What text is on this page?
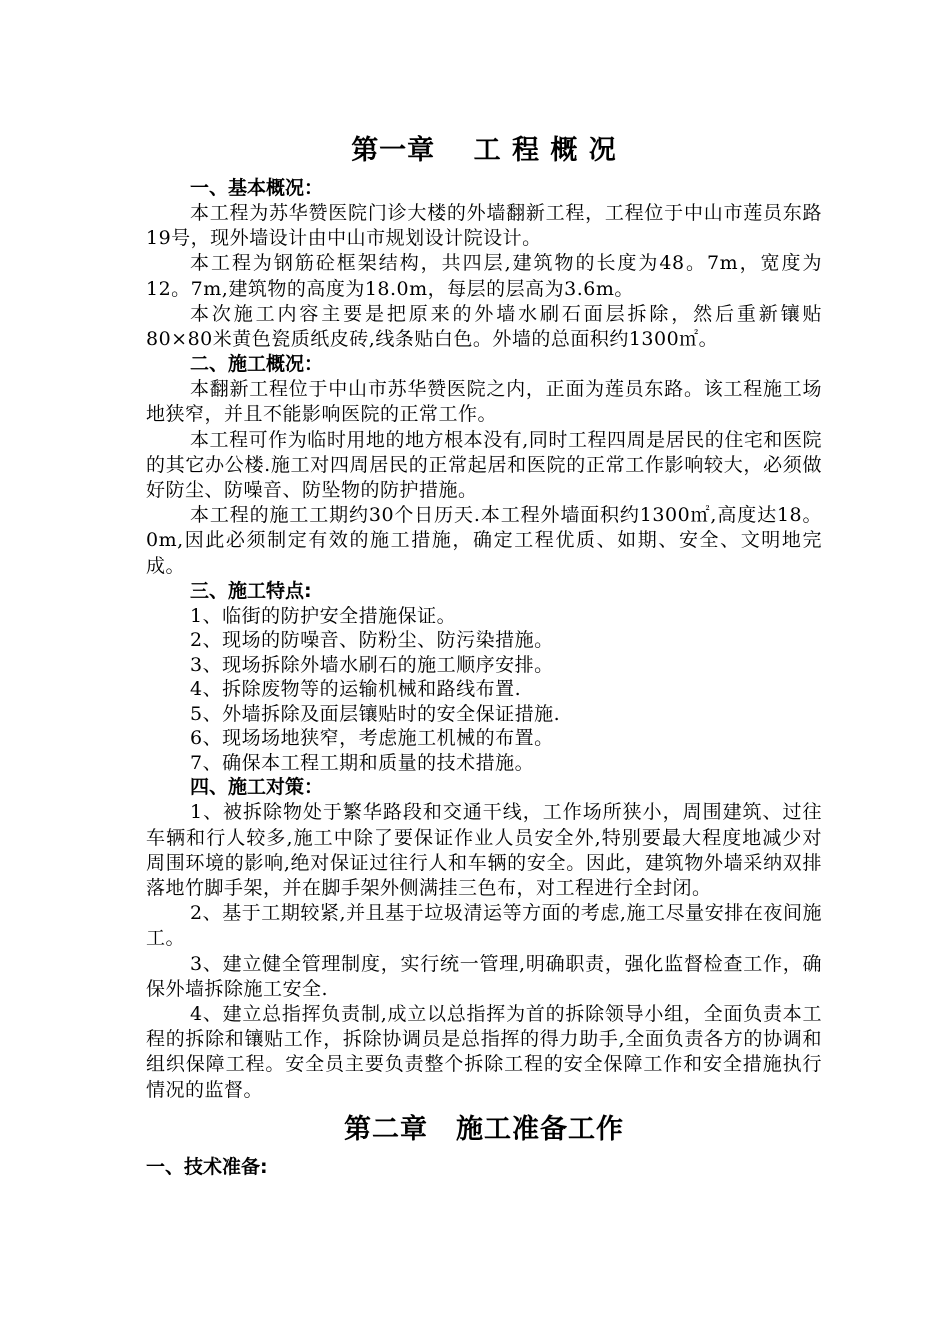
第一章　 工 程 概 况
一、基本概况：

本工程为苏华赞医院门诊大楼的外墙翻新工程，工程位于中山市莲员东路19号，现外墙设计由中山市规划设计院设计。

本工程为钢筋砼框架结构，共四层,建筑物的长度为48。7m，宽度为12。7m,建筑物的高度为18.0m，每层的层高为3.6m。

本次施工内容主要是把原来的外墙水刷石面层拆除，然后重新镶贴80×80米黄色瓷质纸皮砖,线条贴白色。外墙的总面积约1300㎡。

二、施工概况：

本翻新工程位于中山市苏华赞医院之内，正面为莲员东路。该工程施工场地狭窄，并且不能影响医院的正常工作。

本工程可作为临时用地的地方根本没有,同时工程四周是居民的住宅和医院的其它办公楼.施工对四周居民的正常起居和医院的正常工作影响较大，必须做好防尘、防噪音、防坠物的防护措施。

本工程的施工工期约30个日历天.本工程外墙面积约1300㎡,高度达18。0m,因此必须制定有效的施工措施，确定工程优质、如期、安全、文明地完成。

三、施工特点:

1、临街的防护安全措施保证。

2、现场的防噪音、防粉尘、防污染措施。

3、现场拆除外墙水刷石的施工顺序安排。

4、拆除废物等的运输机械和路线布置.

5、外墙拆除及面层镶贴时的安全保证措施.

6、现场场地狭窄，考虑施工机械的布置。

7、确保本工程工期和质量的技术措施。

四、施工对策：

1、被拆除物处于繁华路段和交通干线，工作场所狭小，周围建筑、过往车辆和行人较多,施工中除了要保证作业人员安全外,特别要最大程度地减少对周围环境的影响,绝对保证过往行人和车辆的安全。因此，建筑物外墙采纳双排落地竹脚手架，并在脚手架外侧满挂三色布，对工程进行全封闭。

2、基于工期较紧,并且基于垃圾清运等方面的考虑,施工尽量安排在夜间施工。

3、建立健全管理制度，实行统一管理,明确职责，强化监督检查工作，确保外墙拆除施工安全.

4、建立总指挥负责制,成立以总指挥为首的拆除领导小组，全面负责本工程的拆除和镶贴工作，拆除协调员是总指挥的得力助手,全面负责各方的协调和组织保障工程。安全员主要负责整个拆除工程的安全保障工作和安全措施执行情况的监督。

第二章　施工准备工作
一、技术准备:
